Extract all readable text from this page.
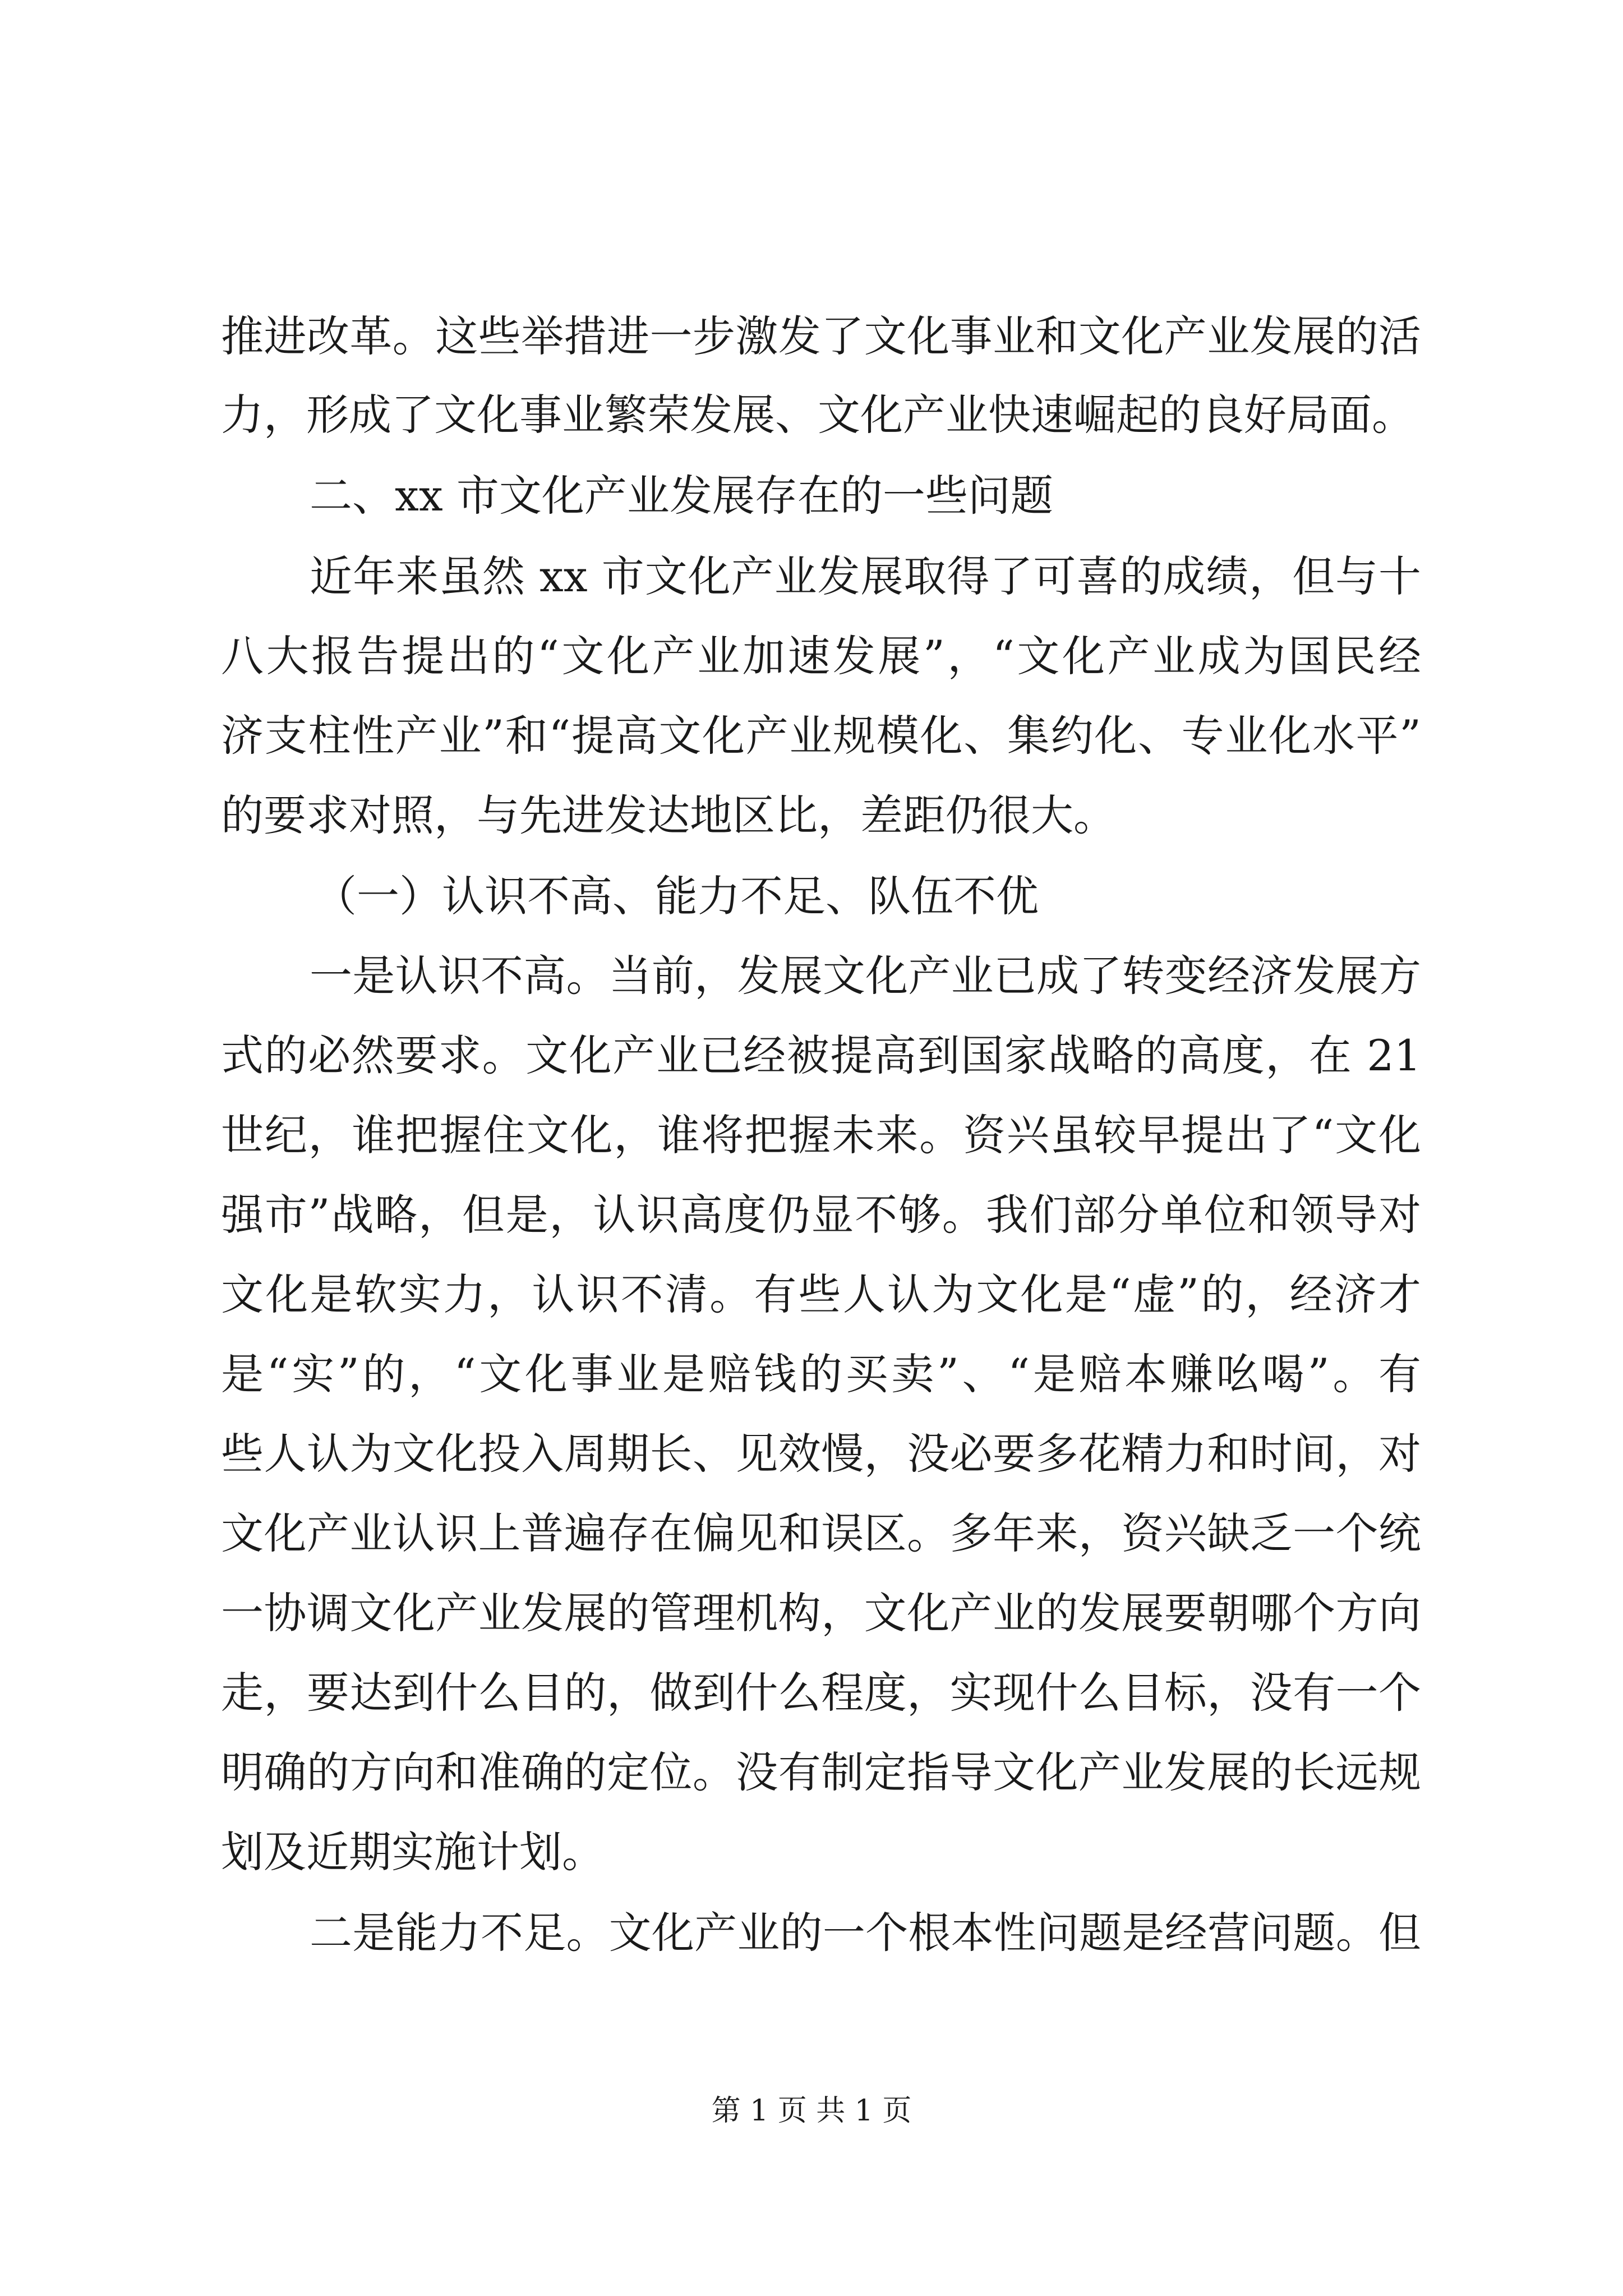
推进改革。这些举措进一步激发了文化事业和文化产业发展的活
力，形成了文化事业繁荣发展、文化产业快速崛起的良好局面。
二、xx 市文化产业发展存在的一些问题
近年来虽然 xx 市文化产业发展取得了可喜的成绩，但与十
八大报告提出的“文化产业加速发展”，“文化产业成为国民经
济支柱性产业”和“提高文化产业规模化、集约化、专业化水平”
的要求对照，与先进发达地区比，差距仍很大。
（一）认识不高、能力不足、队伍不优
一是认识不高。当前，发展文化产业已成了转变经济发展方
式的必然要求。文化产业已经被提高到国家战略的高度，在 21
世纪，谁把握住文化，谁将把握未来。资兴虽较早提出了“文化
强市”战略，但是，认识高度仍显不够。我们部分单位和领导对
文化是软实力，认识不清。有些人认为文化是“虚”的，经济才
是“实”的，“文化事业是赔钱的买卖”、“是赔本赚吆喝”。有
些人认为文化投入周期长、见效慢，没必要多花精力和时间，对
文化产业认识上普遍存在偏见和误区。多年来，资兴缺乏一个统
一协调文化产业发展的管理机构，文化产业的发展要朝哪个方向
走，要达到什么目的，做到什么程度，实现什么目标，没有一个
明确的方向和准确的定位。没有制定指导文化产业发展的长远规
划及近期实施计划。
二是能力不足。文化产业的一个根本性问题是经营问题。但
第 1 页 共 1 页
